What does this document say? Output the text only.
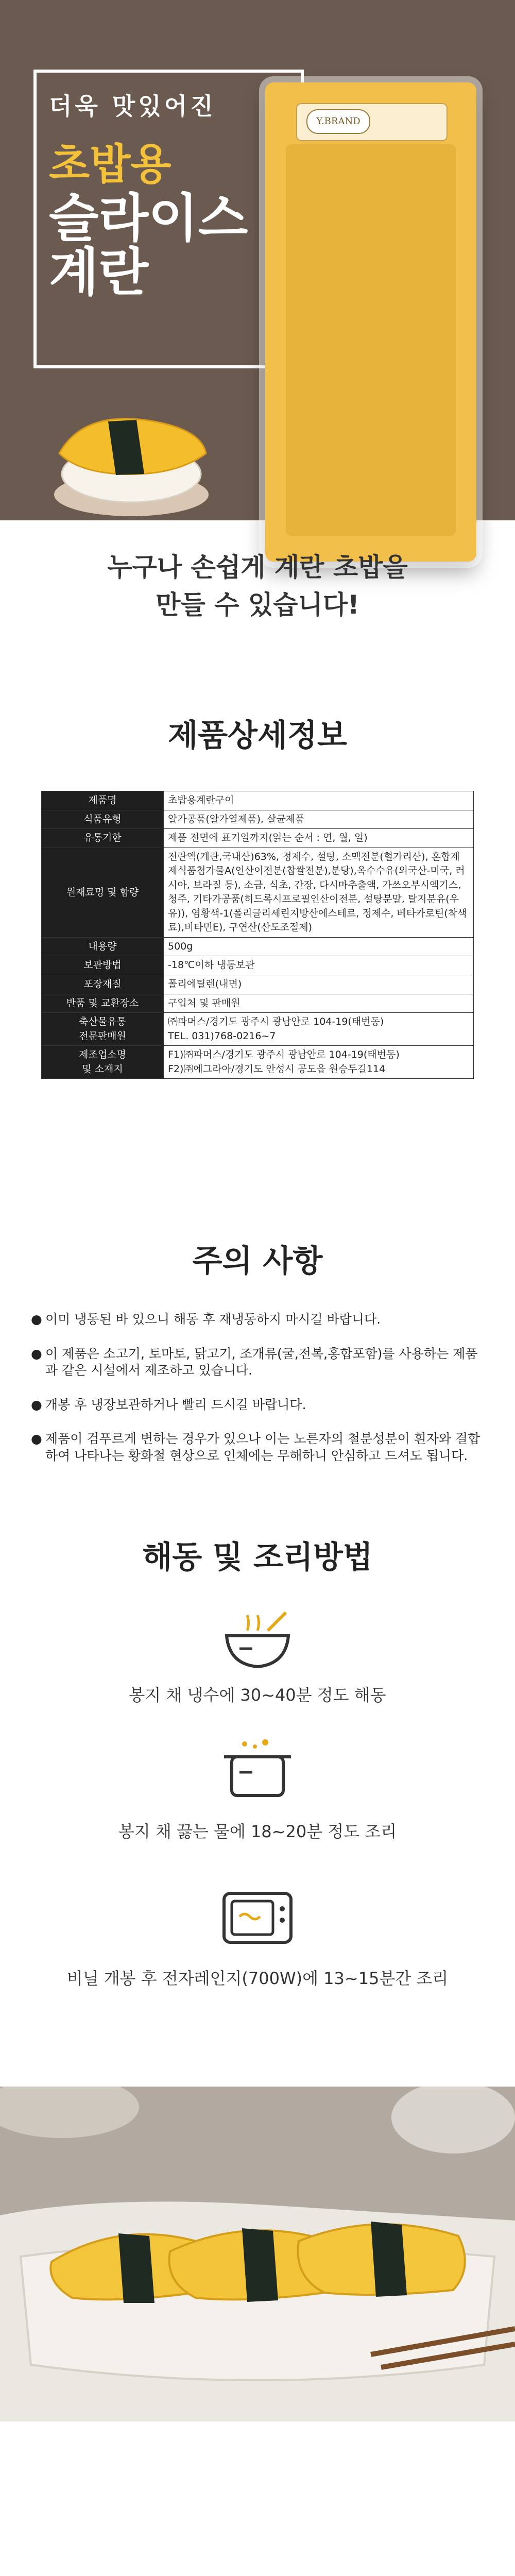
Y.BRAND
더욱 맛있어진
초밥용
슬라이스
계란
누구나 손쉽게 계란 초밥을
만들 수 있습니다!
제품상세정보
제품명	초밥용계란구이
식품유형	알가공품(알가열제품), 살균제품
유통기한	제품 전면에 표기일까지(읽는 순서 : 연, 월, 일)
원재료명 및 함량	전란액(계란,국내산)63%, 정제수, 설탕, 소맥전분(혈가리산), 혼합제제식품첨가물A(인산이전분(찹쌀전분),분당),옥수수유(외국산-미국, 러시아, 브라질 등), 소금, 식초, 간장, 다시마추출액, 가쓰오부시엑기스, 청주, 기타가공품(히드록시프로필인산이전분, 설탕분말, 탈지분유(우유)), 염황색-1(폴리글리세린지방산에스테르, 정제수, 베타카로틴(착색료),비타민E), 구연산(산도조절제)
내용량	500g
보관방법	-18℃이하 냉동보관
포장재질	폴리에틸렌(내면)
반품 및 교환장소	구입처 및 판매원
축산물유통
전문판매원	㈜파머스/경기도 광주시 광남안로 104-19(태번동)
TEL. 031)768-0216~7
제조업소명
및 소재지	F1)㈜파머스/경기도 광주시 광남안로 104-19(태번동)
F2)㈜에그라아/경기도 안성시 공도읍 원승두길114
주의 사항
● 이미 냉동된 바 있으니 해동 후 재냉동하지 마시길 바랍니다.
● 이 제품은 소고기, 토마토, 닭고기, 조개류(굴,전복,홍합포함)를 사용하는 제품과 같은 시설에서 제조하고 있습니다.
● 개봉 후 냉장보관하거나 빨리 드시길 바랍니다.
● 제품이 검푸르게 변하는 경우가 있으나 이는 노른자의 철분성분이 흰자와 결합하여 나타나는 황화철 현상으로 인체에는 무해하니 안심하고 드셔도 됩니다.
해동 및 조리방법
봉지 채 냉수에 30~40분 정도 해동
봉지 채 끓는 물에 18~20분 정도 조리
비닐 개봉 후 전자레인지(700W)에 13~15분간 조리
